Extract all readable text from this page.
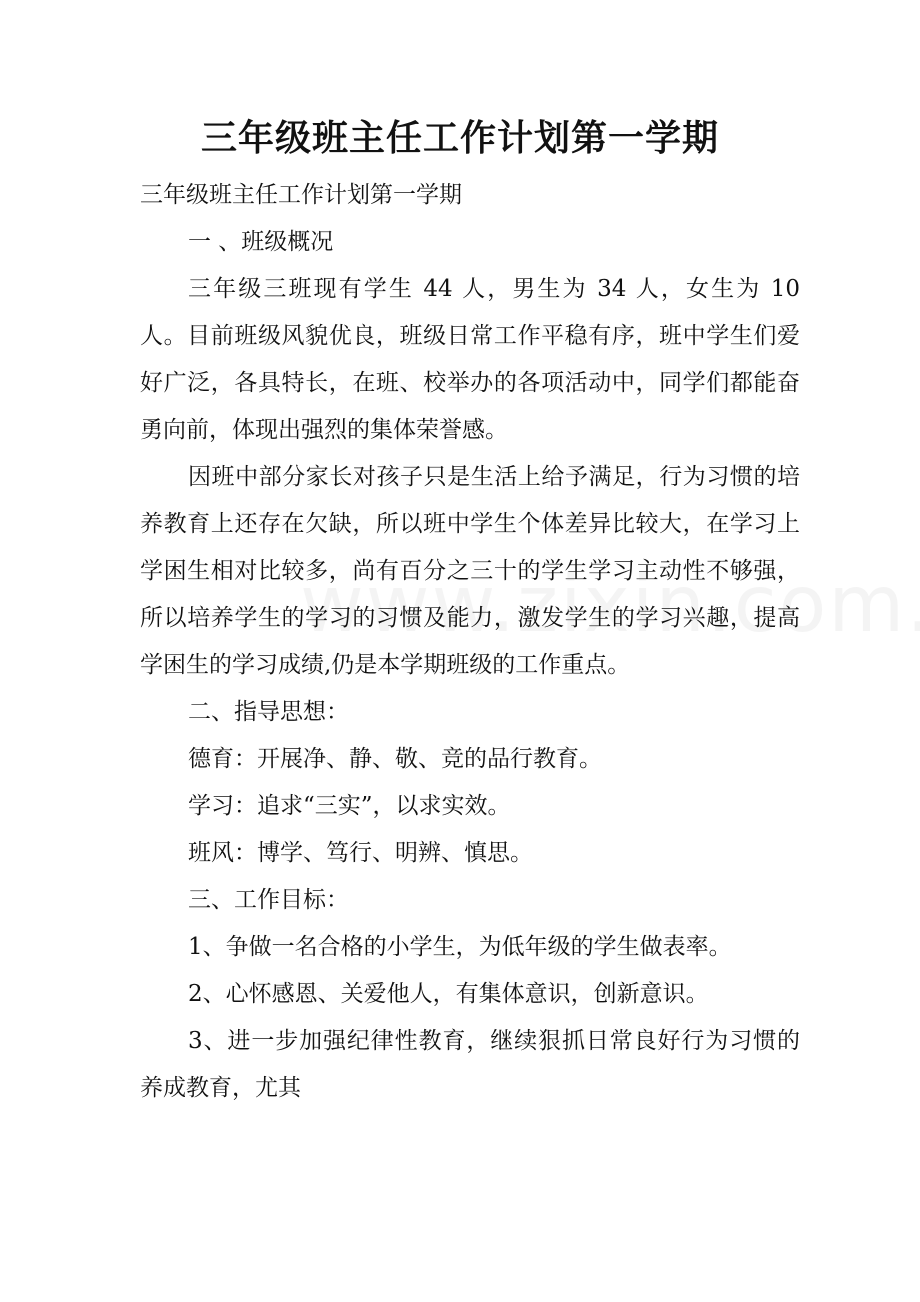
三年级班主任工作计划第一学期

三年级班主任工作计划第一学期

一 、班级概况

三年级三班现有学生 44 人，男生为 34 人，女生为 10 人。目前班级风貌优良，班级日常工作平稳有序，班中学生们爱好广泛，各具特长，在班、校举办的各项活动中，同学们都能奋勇向前，体现出强烈的集体荣誉感。

因班中部分家长对孩子只是生活上给予满足，行为习惯的培养教育上还存在欠缺，所以班中学生个体差异比较大，在学习上学困生相对比较多，尚有百分之三十的学生学习主动性不够强，所以培养学生的学习的习惯及能力，激发学生的学习兴趣，提高学困生的学习成绩,仍是本学期班级的工作重点。

二、指导思想：

德育：开展净、静、敬、竞的品行教育。

学习：追求“三实”，以求实效。

班风：博学、笃行、明辨、慎思。

三、工作目标：

1、争做一名合格的小学生，为低年级的学生做表率。

2、心怀感恩、关爱他人，有集体意识，创新意识。

3、进一步加强纪律性教育，继续狠抓日常良好行为习惯的养成教育，尤其
